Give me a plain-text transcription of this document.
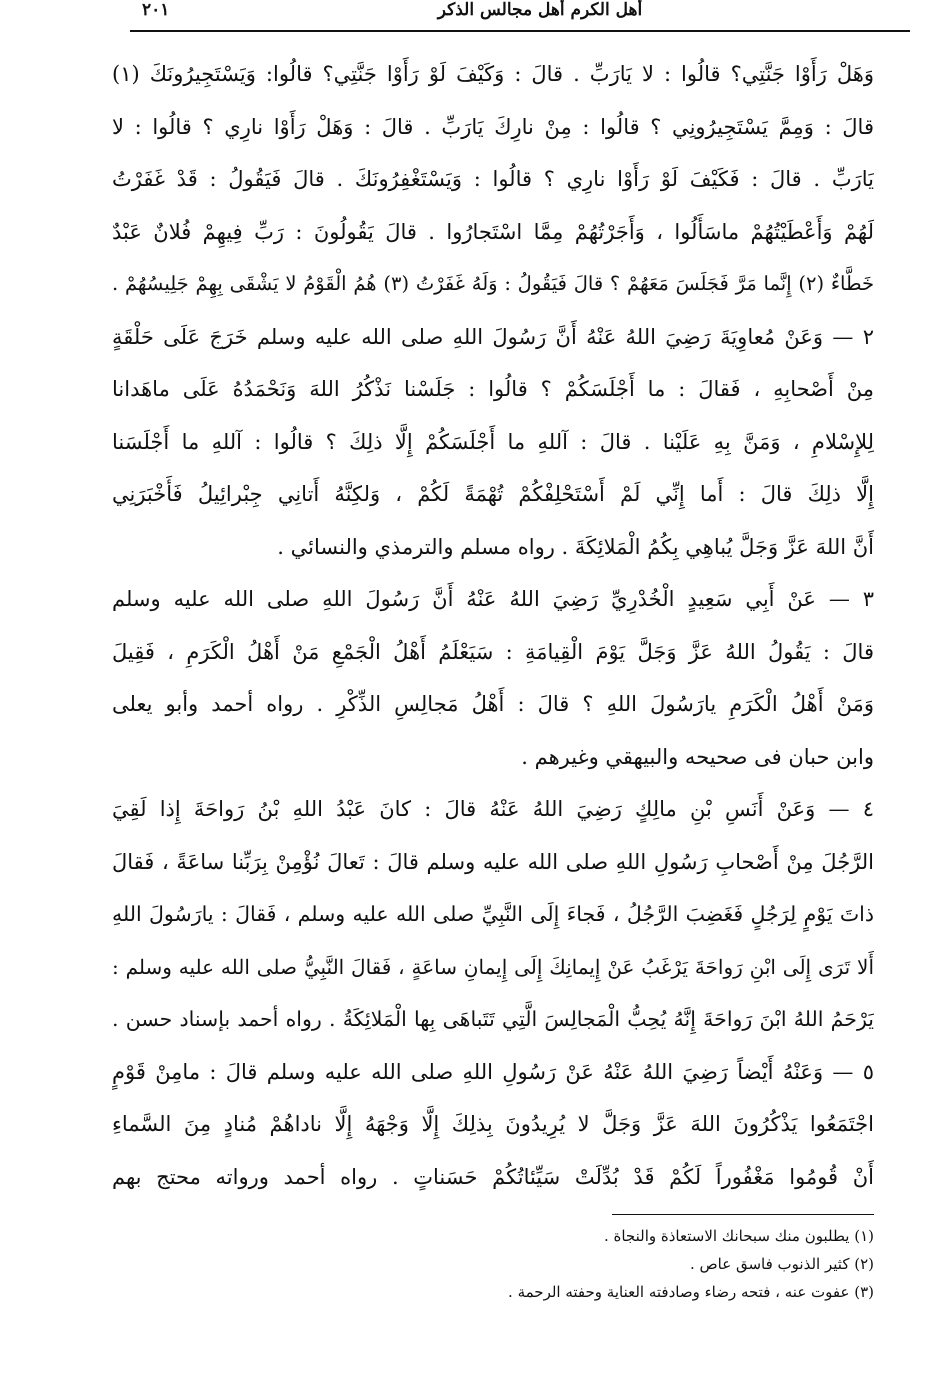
٢٠١	أهل الكرم أهل مجالس الذكر
وَهَلْ رَأَوْا جَنَّتِي؟ قالُوا : لا يَارَبِّ . قالَ : وَكَيْفَ لَوْ رَأَوْا جَنَّتِي؟ قالُوا: وَيَسْتَجِيرُونَكَ (١)
قالَ : وَمِمَّ يَسْتَجِيرُونِي ؟ قالُوا : مِنْ نارِكَ يَارَبِّ . قالَ : وَهَلْ رَأَوْا نارِي ؟ قالُوا : لا
يَارَبِّ . قالَ : فَكَيْفَ لَوْ رَأَوْا نارِي ؟ قالُوا : وَيَسْتَغْفِرُونَكَ . قالَ فَيَقُولُ : قَدْ غَفَرْتُ
لَهُمْ وَأَعْطَيْتُهُمْ ماسَأَلُوا ، وَأَجَرْتُهُمْ مِمَّا اسْتَجارُوا . قالَ يَقُولُونَ : رَبِّ فِيهِمْ فُلانٌ عَبْدٌ
خَطَّاءٌ (٢) إِنَّما مَرَّ فَجَلَسَ مَعَهُمْ ؟ قالَ فَيَقُولُ : وَلَهُ غَفَرْتُ (٣) هُمُ الْقَوْمُ لا يَشْقَى بِهِمْ جَلِيسُهُمْ .
٢ — وَعَنْ مُعاوِيَةَ رَضِيَ اللهُ عَنْهُ أَنَّ رَسُولَ اللهِ صلى الله عليه وسلم خَرَجَ عَلَى حَلْقَةٍ
مِنْ أَصْحابِهِ ، فَقالَ : ما أَجْلَسَكُمْ ؟ قالُوا : جَلَسْنا نَذْكُرُ اللهَ وَنَحْمَدُهُ عَلَى ماهَدانا
لِلإِسْلامِ ، وَمَنَّ بِهِ عَلَيْنا . قالَ : آللهِ ما أَجْلَسَكُمْ إِلَّا ذلِكَ ؟ قالُوا : آللهِ ما أَجْلَسَنا
إِلَّا ذلِكَ قالَ : أَما إِنِّي لَمْ أَسْتَحْلِفْكُمْ تُهْمَةً لَكُمْ ، وَلكِنَّهُ أَتانِي جِبْرائِيلُ فَأَخْبَرَنِي
أَنَّ اللهَ عَزَّ وَجَلَّ يُباهِي بِكُمُ الْمَلائِكَةَ . رواه مسلم والترمذي والنسائي .
٣ — عَنْ أَبِي سَعِيدٍ الْخُدْرِيِّ رَضِيَ اللهُ عَنْهُ أَنَّ رَسُولَ اللهِ صلى الله عليه وسلم
قالَ : يَقُولُ اللهُ عَزَّ وَجَلَّ يَوْمَ الْقِيامَةِ : سَيَعْلَمُ أَهْلُ الْجَمْعِ مَنْ أَهْلُ الْكَرَمِ ، فَقِيلَ
وَمَنْ أَهْلُ الْكَرَمِ يارَسُولَ اللهِ ؟ قالَ : أَهْلُ مَجالِسِ الذِّكْرِ . رواه أحمد وأبو يعلى
وابن حبان فى صحيحه والبيهقي وغيرهم .
٤ — وَعَنْ أَنَسِ بْنِ مالِكٍ رَضِيَ اللهُ عَنْهُ قالَ : كانَ عَبْدُ اللهِ بْنُ رَواحَةَ إِذا لَقِيَ
الرَّجُلَ مِنْ أَصْحابِ رَسُولِ اللهِ صلى الله عليه وسلم قالَ : تَعالَ نُؤْمِنْ بِرَبِّنا ساعَةً ، فَقالَ
ذاتَ يَوْمٍ لِرَجُلٍ فَغَضِبَ الرَّجُلُ ، فَجاءَ إِلَى النَّبِيِّ صلى الله عليه وسلم ، فَقالَ : يارَسُولَ اللهِ
أَلا تَرَى إِلَى ابْنِ رَواحَةَ يَرْغَبُ عَنْ إِيمانِكَ إِلَى إِيمانِ ساعَةٍ ، فَقالَ النَّبِيُّ صلى الله عليه وسلم :
يَرْحَمُ اللهُ ابْنَ رَواحَةَ إِنَّهُ يُحِبُّ الْمَجالِسَ الَّتِي تَتَباهَى بِها الْمَلائِكَةُ . رواه أحمد بإسناد حسن .
٥ — وَعَنْهُ أَيْضاً رَضِيَ اللهُ عَنْهُ عَنْ رَسُولِ اللهِ صلى الله عليه وسلم قالَ : مامِنْ قَوْمٍ
اجْتَمَعُوا يَذْكُرُونَ اللهَ عَزَّ وَجَلَّ لا يُرِيدُونَ بِذلِكَ إِلَّا وَجْهَهُ إِلَّا ناداهُمْ مُنادٍ مِنَ السَّماءِ
أَنْ قُومُوا مَغْفُوراً لَكُمْ قَدْ بُدِّلَتْ سَيِّئاتُكُمْ حَسَناتٍ . رواه أحمد ورواته محتج بهم
(١) يطلبون منك سبحانك الاستعاذة والنجاة .
(٢) كثير الذنوب فاسق عاص .
(٣) عفوت عنه ، فتحه رضاء وصادفته العناية وحفته الرحمة .
